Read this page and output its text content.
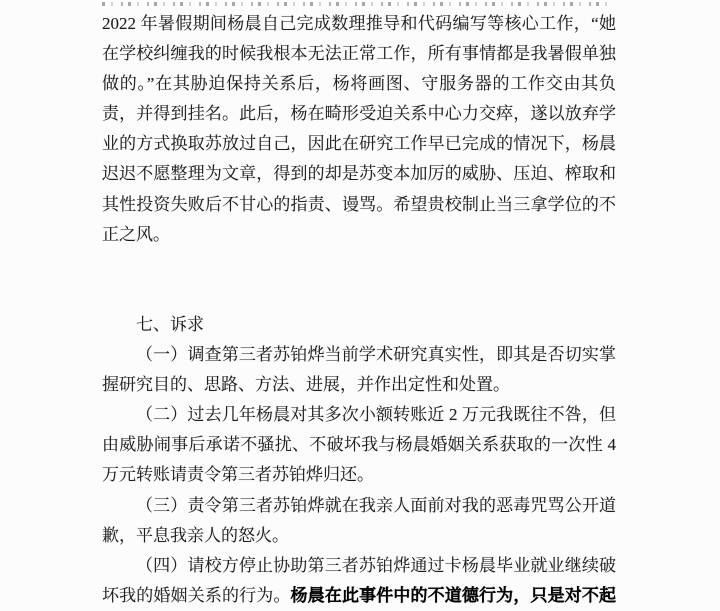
2022 年暑假期间杨晨自己完成数理推导和代码编写等核心工作，“她
在学校纠缠我的时候我根本无法正常工作，所有事情都是我暑假单独
做的。”在其胁迫保持关系后，杨将画图、守服务器的工作交由其负
责，并得到挂名。此后，杨在畸形受迫关系中心力交瘁，遂以放弃学
业的方式换取苏放过自己，因此在研究工作早已完成的情况下，杨晨
迟迟不愿整理为文章，得到的却是苏变本加厉的威胁、压迫、榨取和
其性投资失败后不甘心的指责、谩骂。希望贵校制止当三拿学位的不
正之风。
七、诉求
（一）调查第三者苏铂烨当前学术研究真实性，即其是否切实掌
握研究目的、思路、方法、进展，并作出定性和处置。
（二）过去几年杨晨对其多次小额转账近 2 万元我既往不咎，但
由威胁闹事后承诺不骚扰、不破坏我与杨晨婚姻关系获取的一次性 4
万元转账请责令第三者苏铂烨归还。
（三）责令第三者苏铂烨就在我亲人面前对我的恶毒咒骂公开道
歉，平息我亲人的怒火。
（四）请校方停止协助第三者苏铂烨通过卡杨晨毕业就业继续破
坏我的婚姻关系的行为。杨晨在此事件中的不道德行为，只是对不起
